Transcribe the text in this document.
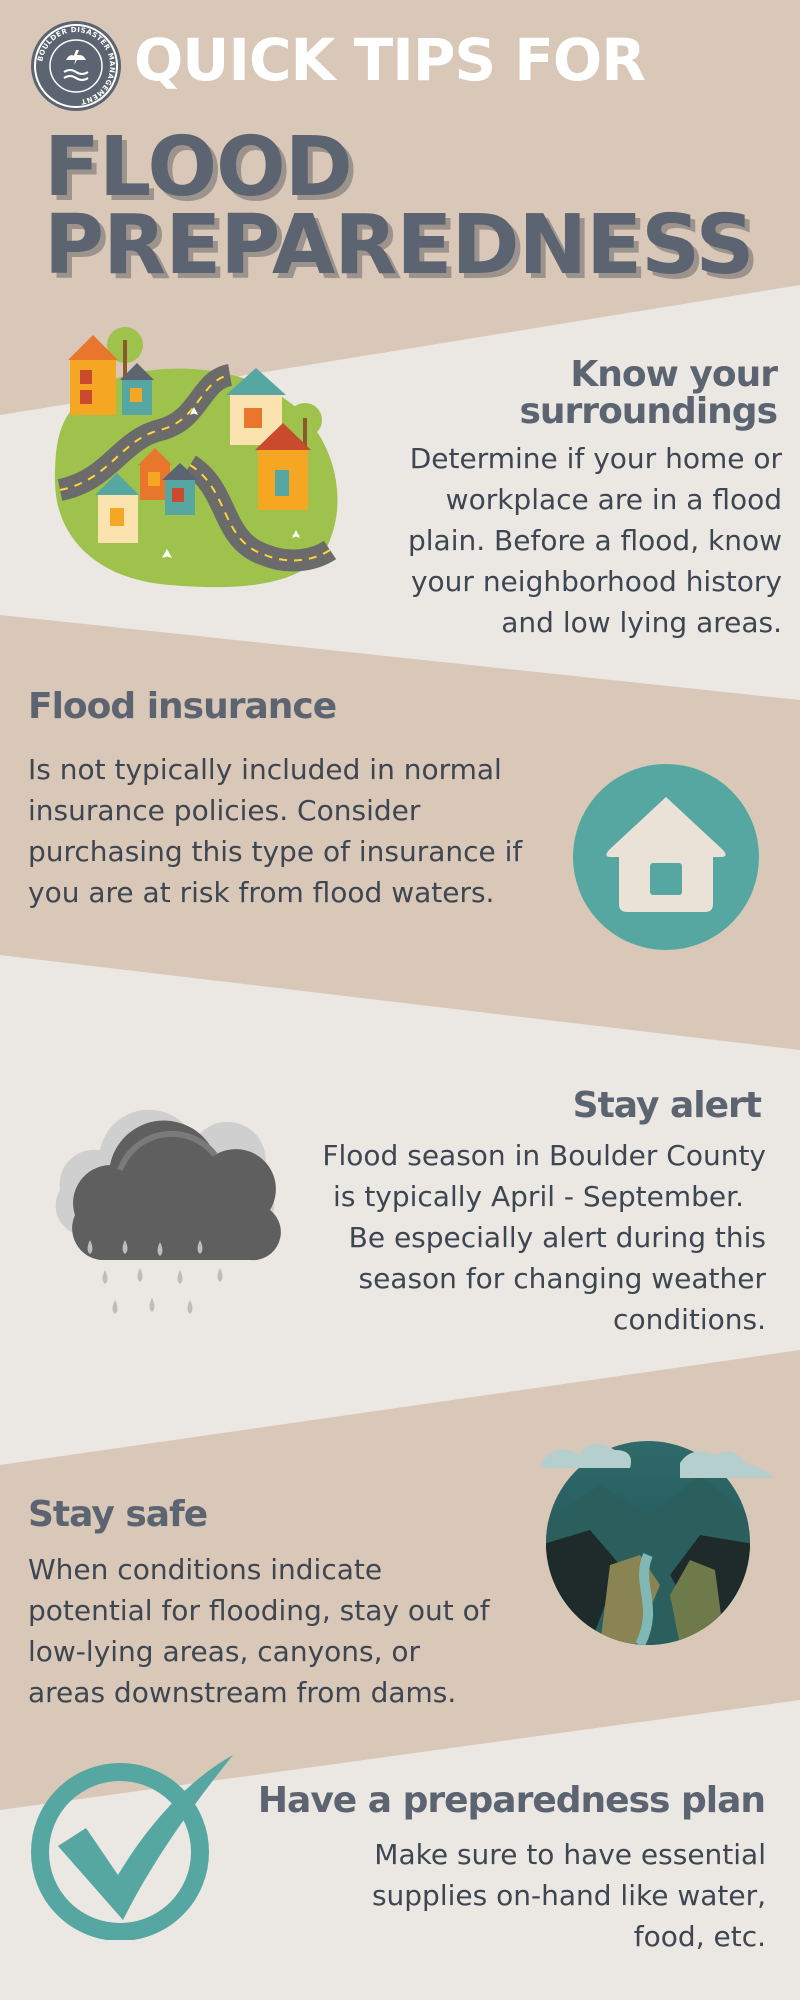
BOULDER DISASTER MANAGEMENT
QUICK TIPS FOR
FLOOD
PREPAREDNESS
Know your
surroundings
Determine if your home or
workplace are in a flood
plain. Before a flood, know
your neighborhood history
and low lying areas.
Flood insurance
Is not typically included in normal
insurance policies. Consider
purchasing this type of insurance if
you are at risk from flood waters.
Stay alert
Flood season in Boulder County
is typically April - September.
Be especially alert during this
season for changing weather
conditions.
Stay safe
When conditions indicate
potential for flooding, stay out of
low-lying areas, canyons, or
areas downstream from dams.
Have a preparedness plan
Make sure to have essential
supplies on-hand like water,
food, etc.
